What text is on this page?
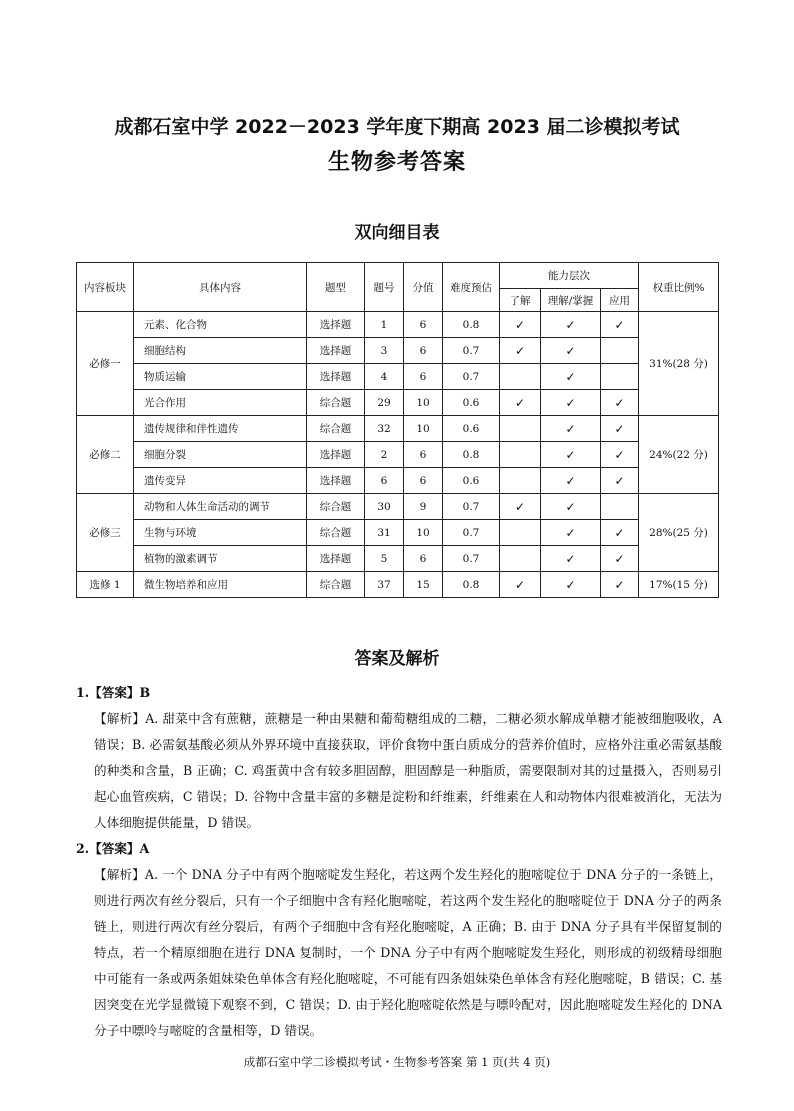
成都石室中学 2022－2023 学年度下期高 2023 届二诊模拟考试
生物参考答案
双向细目表
内容板块	具体内容	题型	题号	分值	难度预估	能力层次			权重比例%
						了解	理解/掌握	应用	
必修一	元素、化合物	选择题	1	6	0.8	✓	✓	✓	31%(28 分)
	细胞结构	选择题	3	6	0.7	✓	✓		
	物质运输	选择题	4	6	0.7		✓		
	光合作用	综合题	29	10	0.6	✓	✓	✓	
必修二	遗传规律和伴性遗传	综合题	32	10	0.6		✓	✓	24%(22 分)
	细胞分裂	选择题	2	6	0.8		✓	✓	
	遗传变异	选择题	6	6	0.6		✓	✓	
必修三	动物和人体生命活动的调节	综合题	30	9	0.7	✓	✓		28%(25 分)
	生物与环境	综合题	31	10	0.7		✓	✓	
	植物的激素调节	选择题	5	6	0.7		✓	✓	
选修 1	微生物培养和应用	综合题	37	15	0.8	✓	✓	✓	17%(15 分)
答案及解析

1.【答案】B

【解析】A. 甜菜中含有蔗糖，蔗糖是一种由果糖和葡萄糖组成的二糖，二糖必须水解成单糖才能被细胞吸收，A 错误；B. 必需氨基酸必须从外界环境中直接获取，评价食物中蛋白质成分的营养价值时，应格外注重必需氨基酸的种类和含量，B 正确；C. 鸡蛋黄中含有较多胆固醇，胆固醇是一种脂质，需要限制对其的过量摄入，否则易引起心血管疾病，C 错误；D. 谷物中含量丰富的多糖是淀粉和纤维素，纤维素在人和动物体内很难被消化，无法为人体细胞提供能量，D 错误。

2.【答案】A

【解析】A. 一个 DNA 分子中有两个胞嘧啶发生羟化，若这两个发生羟化的胞嘧啶位于 DNA 分子的一条链上，则进行两次有丝分裂后，只有一个子细胞中含有羟化胞嘧啶，若这两个发生羟化的胞嘧啶位于 DNA 分子的两条链上，则进行两次有丝分裂后，有两个子细胞中含有羟化胞嘧啶，A 正确；B. 由于 DNA 分子具有半保留复制的特点，若一个精原细胞在进行 DNA 复制时，一个 DNA 分子中有两个胞嘧啶发生羟化，则形成的初级精母细胞中可能有一条或两条姐妹染色单体含有羟化胞嘧啶，不可能有四条姐妹染色单体含有羟化胞嘧啶，B 错误；C. 基因突变在光学显微镜下观察不到，C 错误；D. 由于羟化胞嘧啶依然是与嘌呤配对，因此胞嘧啶发生羟化的 DNA 分子中嘌呤与嘧啶的含量相等，D 错误。

成都石室中学二诊模拟考试・生物参考答案 第 1 页(共 4 页)
